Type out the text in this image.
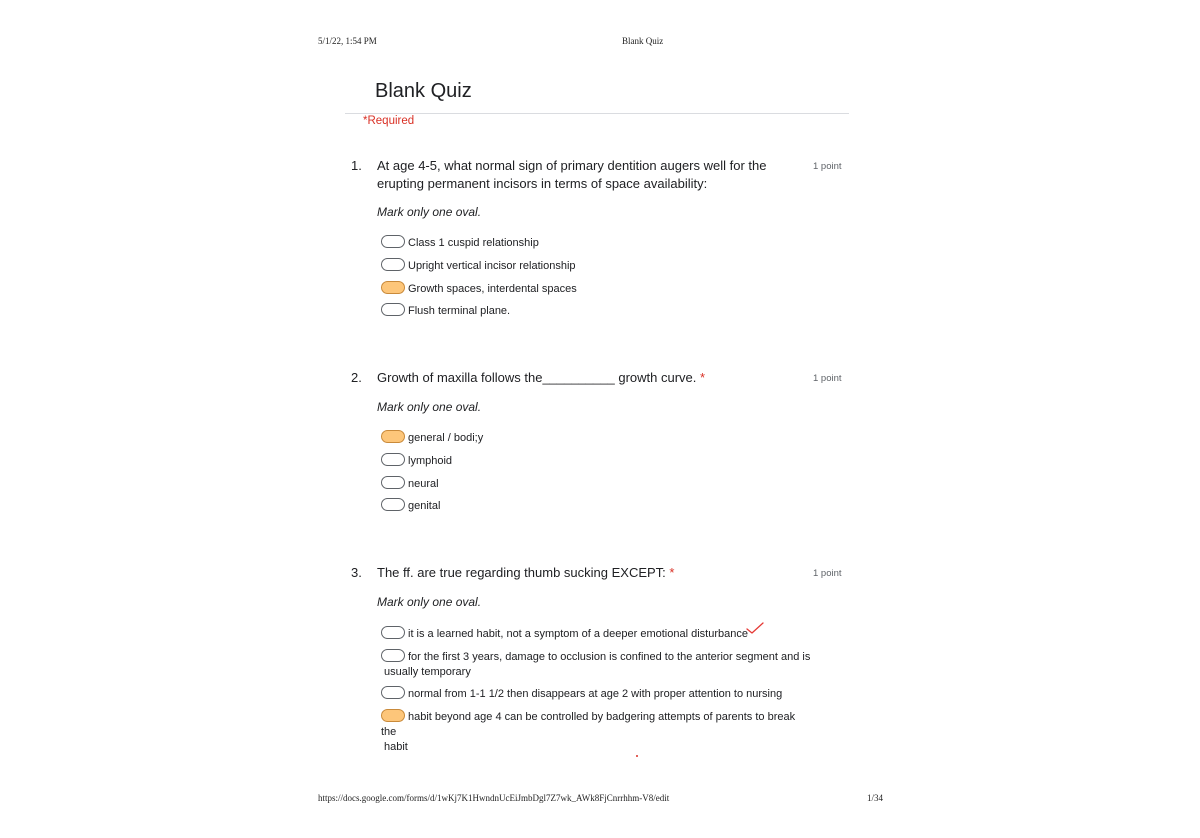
5/1/22, 1:54 PM	Blank Quiz
Blank Quiz
*Required
1. At age 4-5, what normal sign of primary dentition augers well for the erupting permanent incisors in terms of space availability:
1 point
Mark only one oval.
Class 1 cuspid relationship
Upright vertical incisor relationship
Growth spaces, interdental spaces
Flush terminal plane.
2. Growth of maxilla follows the__________ growth curve. *	1 point
Mark only one oval.
general / bodi;y
lymphoid
neural
genital
3. The ff. are true regarding thumb sucking EXCEPT: *	1 point
Mark only one oval.
it is a learned habit, not a symptom of a deeper emotional disturbance
for the first 3 years, damage to occlusion is confined to the anterior segment and is
usually temporary
normal from 1-1 1/2 then disappears at age 2 with proper attention to nursing
habit beyond age 4 can be controlled by badgering attempts of parents to break the
habit
https://docs.google.com/forms/d/1wKj7K1HwndnUcEiJmbDgl7Z7wk_AWk8FjCnrrhhm-V8/edit	1/34
